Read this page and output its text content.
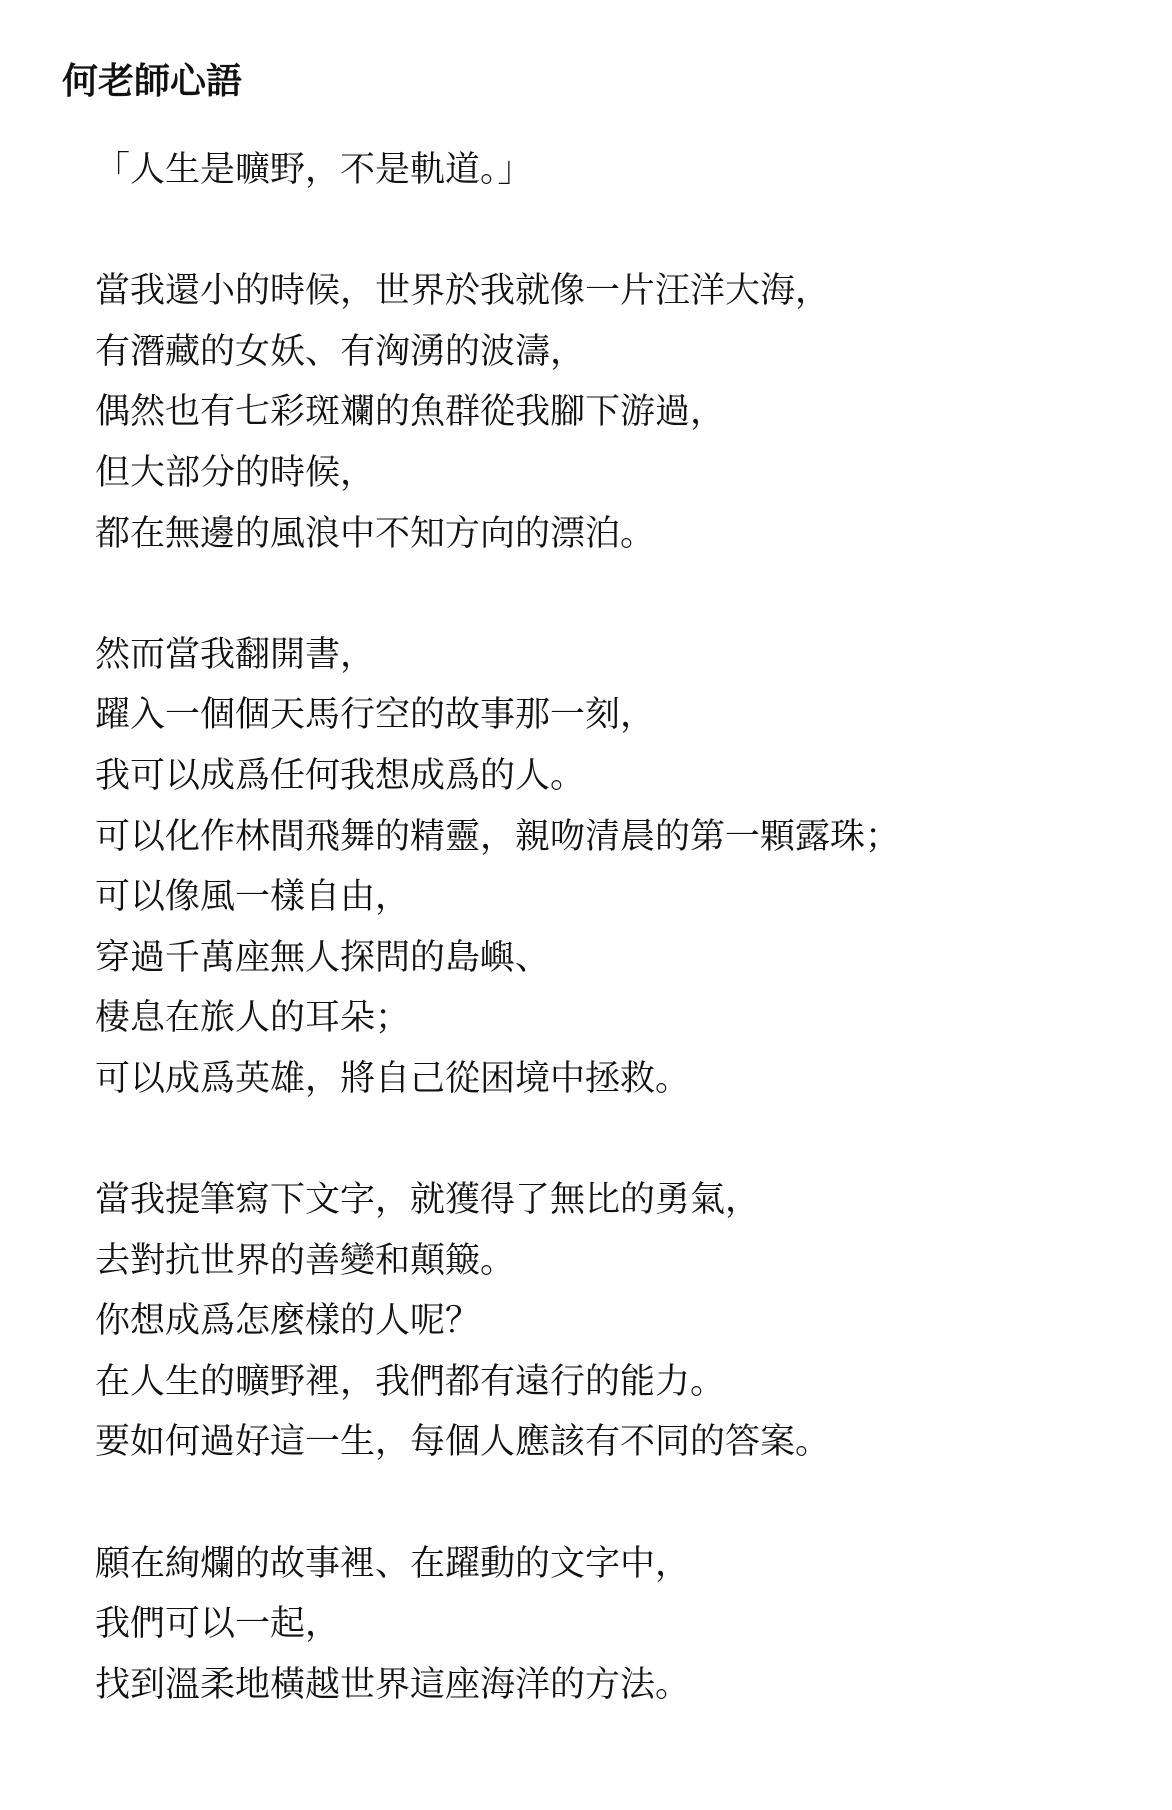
何老師心語
「人生是曠野，不是軌道。」
當我還小的時候，世界於我就像一片汪洋大海，
有潛藏的女妖、有洶湧的波濤，
偶然也有七彩斑斕的魚群從我腳下游過，
但大部分的時候，
都在無邊的風浪中不知方向的漂泊。
然而當我翻開書，
躍入一個個天馬行空的故事那一刻，
我可以成爲任何我想成爲的人。
可以化作林間飛舞的精靈，親吻清晨的第一顆露珠；
可以像風一樣自由，
穿過千萬座無人探問的島嶼、
棲息在旅人的耳朵；
可以成爲英雄，將自己從困境中拯救。
當我提筆寫下文字，就獲得了無比的勇氣，
去對抗世界的善變和顛簸。
你想成爲怎麼樣的人呢？
在人生的曠野裡，我們都有遠行的能力。
要如何過好這一生，每個人應該有不同的答案。
願在絢爛的故事裡、在躍動的文字中，
我們可以一起，
找到溫柔地橫越世界這座海洋的方法。
